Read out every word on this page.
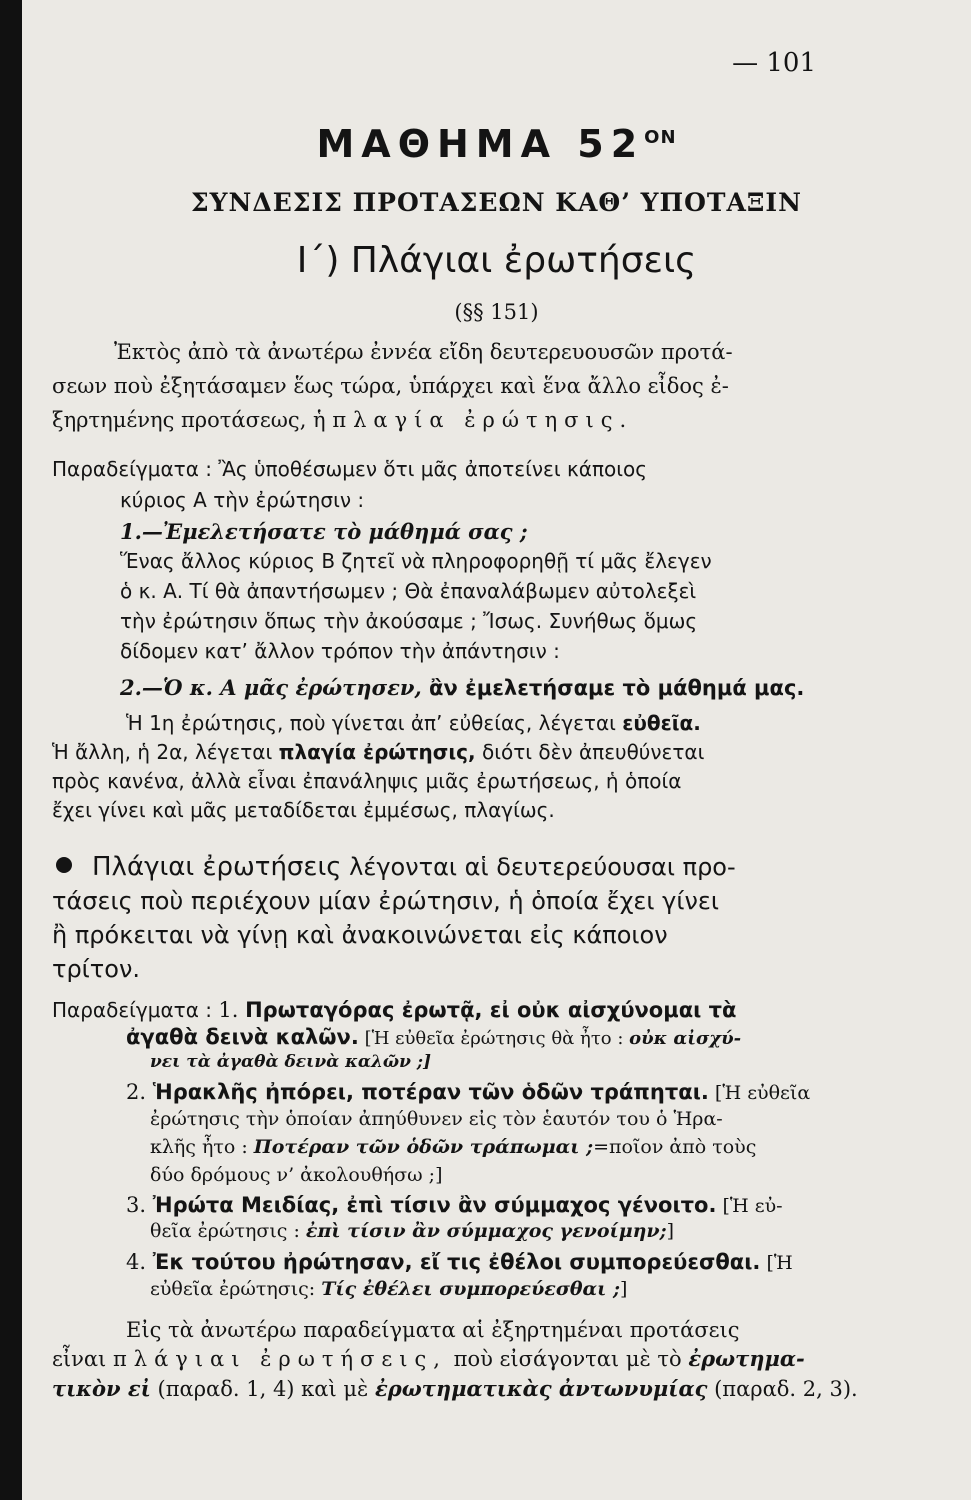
— 101
ΜΑΘΗΜΑ $52^{ON}$
ΣΥΝΔΕΣΙΣ ΠΡΟΤΑΣΕΩΝ ΚΑΘ’ ΥΠΟΤΑΞΙΝ
Ι΄) Πλάγιαι ἐρωτήσεις
(§§ 151)
Ἐκτὸς ἀπὸ τὰ ἀνωτέρω ἐννέα εἴδη δευτερευουσῶν προτά-
σεων ποὺ ἐξητάσαμεν ἕως τώρα, ὑπάρχει καὶ ἕνα ἄλλο εἶδος ἐ-
ξηρτημένης προτάσεως, ἡ πλαγία ἐρώτησις.
Παραδείγματα : Ἂς ὑποθέσωμεν ὅτι μᾶς ἀποτείνει κάποιος
κύριος Α τὴν ἐρώτησιν :
1.—Ἐμελετήσατε τὸ μάθημά σας ;
Ἕνας ἄλλος κύριος Β ζητεῖ νὰ πληροφορηθῇ τί μᾶς ἔλεγεν
ὁ κ. Α. Τί θὰ ἀπαντήσωμεν ; Θὰ ἐπαναλάβωμεν αὐτολεξεὶ
τὴν ἐρώτησιν ὅπως τὴν ἀκούσαμε ; Ἴσως. Συνήθως ὅμως
δίδομεν κατ’ ἄλλον τρόπον τὴν ἀπάντησιν :
2.—Ὁ κ. Α μᾶς ἐρώτησεν, ἂν ἐμελετήσαμε τὸ μάθημά μας.
Ἡ 1η ἐρώτησις, ποὺ γίνεται ἀπ’ εὐθείας, λέγεται εὐθεῖα.
Ἡ ἄλλη, ἡ 2α, λέγεται πλαγία ἐρώτησις, διότι δὲν ἀπευθύνεται
πρὸς κανένα, ἀλλὰ εἶναι ἐπανάληψις μιᾶς ἐρωτήσεως, ἡ ὁποία
ἔχει γίνει καὶ μᾶς μεταδίδεται ἐμμέσως, πλαγίως.
Πλάγιαι ἐρωτήσεις λέγονται αἱ δευτερεύουσαι προ-
τάσεις ποὺ περιέχουν μίαν ἐρώτησιν, ἡ ὁποία ἔχει γίνει
ἢ πρόκειται νὰ γίνῃ καὶ ἀνακοινώνεται εἰς κάποιον
τρίτον.
Παραδείγματα : 1. Πρωταγόρας ἐρωτᾷ, εἰ οὐκ αἰσχύνομαι τὰ
ἀγαθὰ δεινὰ καλῶν. [Ἡ εὐθεῖα ἐρώτησις θὰ ἦτο : οὐκ αἰσχύ-
νει τὰ ἀγαθὰ δεινὰ καλῶν ;]
2. Ἡρακλῆς ἠπόρει, ποτέραν τῶν ὁδῶν τράπηται. [Ἡ εὐθεῖα
ἐρώτησις τὴν ὁποίαν ἀπηύθυνεν εἰς τὸν ἑαυτόν του ὁ Ἡρα-
κλῆς ἦτο : Ποτέραν τῶν ὁδῶν τράπωμαι ;=ποῖον ἀπὸ τοὺς
δύο δρόμους ν’ ἀκολουθήσω ;]
3. Ἠρώτα Μειδίας, ἐπὶ τίσιν ἂν σύμμαχος γένοιτο. [Ἡ εὐ-
θεῖα ἐρώτησις : ἐπὶ τίσιν ἂν σύμμαχος γενοίμην;]
4. Ἐκ τούτου ἠρώτησαν, εἴ τις ἐθέλοι συμπορεύεσθαι. [Ἡ
εὐθεῖα ἐρώτησις: Τίς ἐθέλει συμπορεύεσθαι ;]
Εἰς τὰ ἀνωτέρω παραδείγματα αἱ ἐξηρτημέναι προτάσεις
εἶναι πλάγιαι ἐρωτήσεις, ποὺ εἰσάγονται μὲ τὸ ἐρωτημα-
τικὸν εἰ (παραδ. 1, 4) καὶ μὲ ἐρωτηματικὰς ἀντωνυμίας (παραδ. 2, 3).
